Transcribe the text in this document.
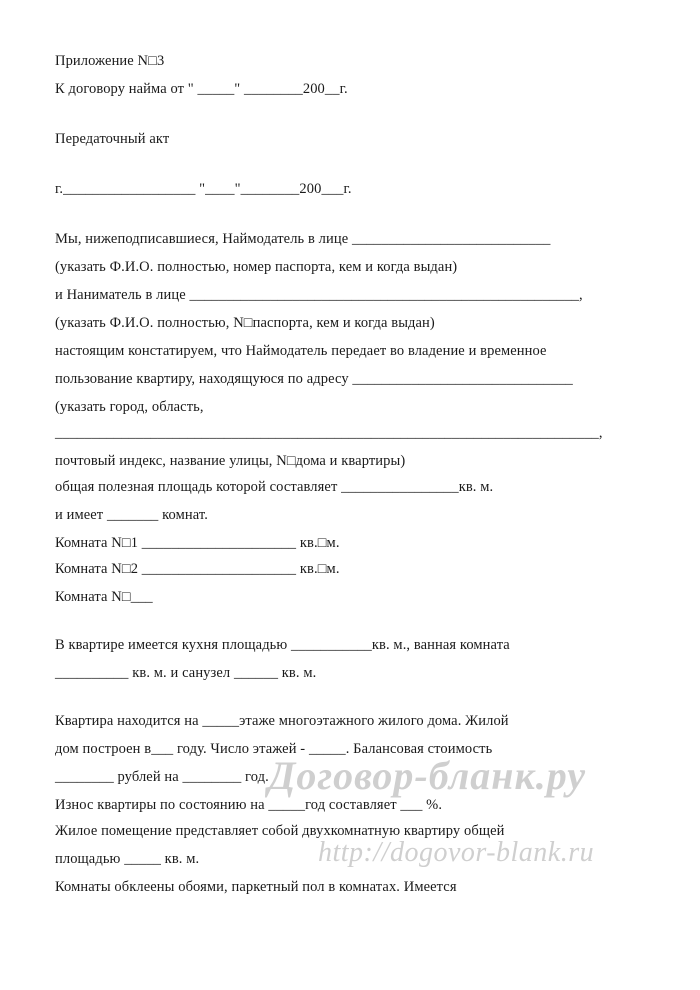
Приложение N□3
К договору найма от " _____" ________200__г.
Передаточный акт
г.__________________ "____"________200___г.
Мы, нижеподписавшиеся, Наймодатель в лице ___________________________
(указать Ф.И.О. полностью, номер паспорта, кем и когда выдан)
и Наниматель в лице _____________________________________________________,
(указать Ф.И.О. полностью, N□паспорта, кем и когда выдан)
настоящим констатируем, что Наймодатель передает во владение и временное
пользование квартиру, находящуюся по адресу ______________________________
(указать город, область,
__________________________________________________________________________,
почтовый индекс, название улицы, N□дома и квартиры)
общая полезная площадь которой составляет ________________кв. м.
и имеет _______ комнат.
Комната N□1 _____________________ кв.□м.
Комната N□2 _____________________ кв.□м.
Комната N□___
В квартире имеется кухня площадью ___________кв. м., ванная комната
__________ кв. м. и санузел ______ кв. м.
Квартира находится на _____этаже многоэтажного жилого дома. Жилой
дом построен в___ году. Число этажей - _____. Балансовая стоимость
________ рублей на ________ год.
Износ квартиры по состоянию на _____год составляет ___ %.
Жилое помещение представляет собой двухкомнатную квартиру общей
площадью _____ кв. м.
Комнаты обклеены обоями, паркетный пол в комнатах. Имеется
Договор-бланк.ру
http://dogovor-blank.ru
